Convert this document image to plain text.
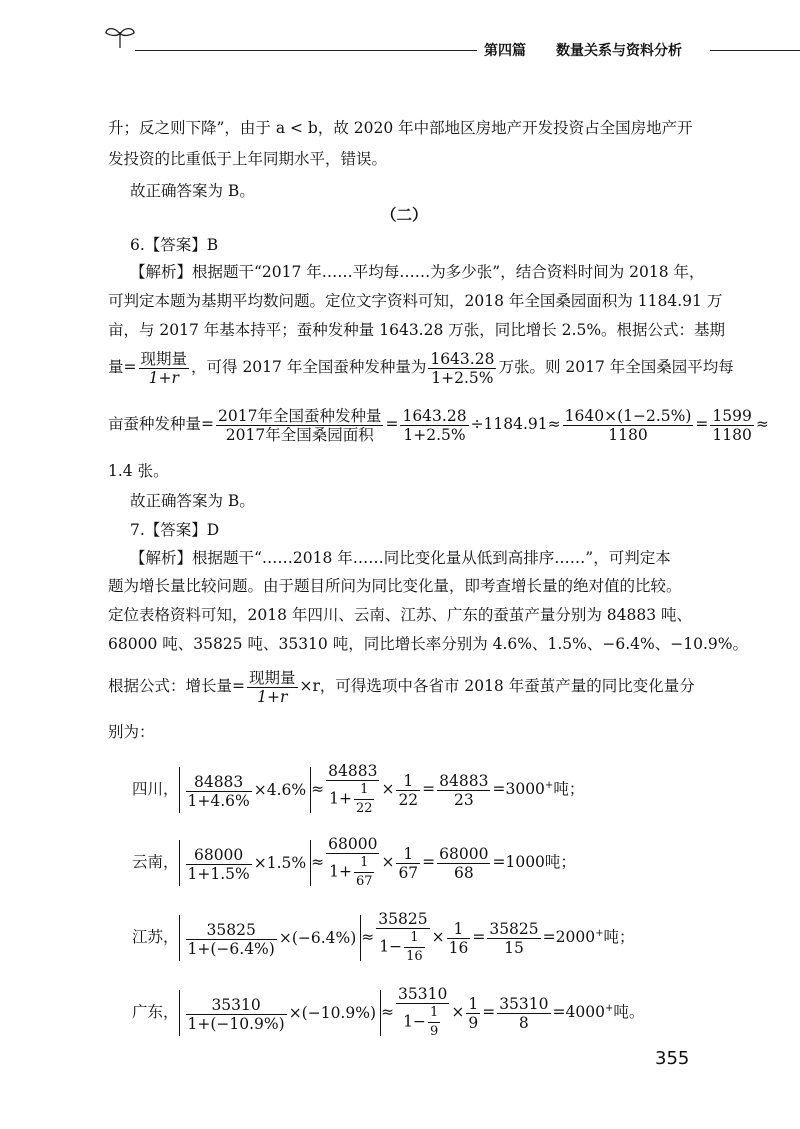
第四篇 数量关系与资料分析
升；反之则下降”，由于 a < b，故 2020 年中部地区房地产开发投资占全国房地产开
发投资的比重低于上年同期水平，错误。
故正确答案为 B。
（二）
6.【答案】B
【解析】根据题干“2017 年……平均每……为多少张”，结合资料时间为 2018 年，
可判定本题为基期平均数问题。定位文字资料可知，2018 年全国桑园面积为 1184.91 万
亩，与 2017 年基本持平；蚕种发种量 1643.28 万张，同比增长 2.5%。根据公式：基期
量= $\frac{\text{现期量}}{1+r}$ ，可得 2017 年全国蚕种发种量为 $\frac{1643.28}{1+2.5\%}$ 万张。则 2017 年全国桑园平均每
亩蚕种发种量= $\frac{\text{2017年全国蚕种发种量}}{\text{2017年全国桑园面积}} = \frac{1643.28}{1+2.5\%} \div 1184.91\approx \frac{1640\times(1-2.5\%)}{1180} = \frac{1599}{1180}$ ≈
1.4 张。
故正确答案为 B。
7.【答案】D
【解析】根据题干“……2018 年……同比变化量从低到高排序……”，可判定本
题为增长量比较问题。由于题目所问为同比变化量，即考查增长量的绝对值的比较。
定位表格资料可知，2018 年四川、云南、江苏、广东的蚕茧产量分别为 84883 吨、
68000 吨、35825 吨、35310 吨，同比增长率分别为 4.6%、1.5%、−6.4%、−10.9%。
根据公式：增长量= $\frac{\text{现期量}}{1+r} \times r$，可得选项中各省市 2018 年蚕茧产量的同比变化量分
别为：
四川， $\frac{84883}{1+4.6\%} \times 4.6\% \approx \frac{84883}{1+ \frac{1}{22}} \times \frac{1}{22} = \frac{84883}{23} =3000^+$吨；
云南， $\frac{68000}{1+1.5\%} \times 1.5\% \approx \frac{68000}{1+ \frac{1}{67}} \times \frac{1}{67} = \frac{68000}{68} =1000$吨；
江苏， $\frac{35825}{1+(-6.4\%)} \times(-6.4\%) \approx \frac{35825}{1- \frac{1}{16}} \times \frac{1}{16} = \frac{35825}{15} =2000^+$吨；
广东， $\frac{35310}{1+(-10.9\%)} \times(-10.9\%) \approx \frac{35310}{1- \frac{1}{9}} \times \frac{1}{9} = \frac{35310}{8} =4000^+$吨。
355
